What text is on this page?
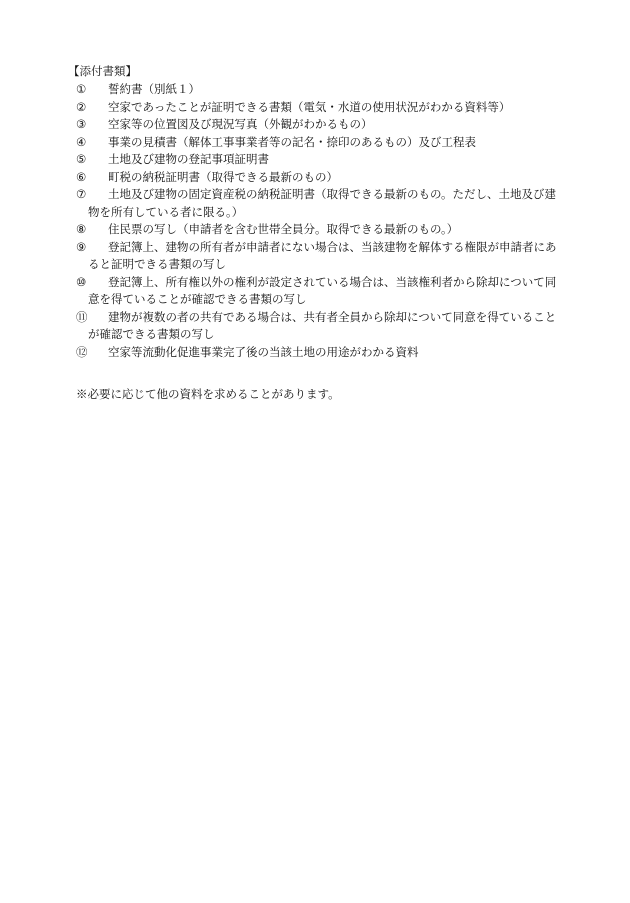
【添付書類】
①	誓約書（別紙１）
②	空家であったことが証明できる書類（電気・水道の使用状況がわかる資料等）
③	空家等の位置図及び現況写真（外観がわかるもの）
④	事業の見積書（解体工事事業者等の記名・捺印のあるもの）及び工程表
⑤	土地及び建物の登記事項証明書
⑥	町税の納税証明書（取得できる最新のもの）
⑦	土地及び建物の固定資産税の納税証明書（取得できる最新のもの。ただし、土地及び建
物を所有している者に限る。）
⑧	住民票の写し（申請者を含む世帯全員分。取得できる最新のもの。）
⑨	登記簿上、建物の所有者が申請者にない場合は、当該建物を解体する権限が申請者にあ
ると証明できる書類の写し
⑩	登記簿上、所有権以外の権利が設定されている場合は、当該権利者から除却について同
意を得ていることが確認できる書類の写し
⑪	建物が複数の者の共有である場合は、共有者全員から除却について同意を得ていること
が確認できる書類の写し
⑫	空家等流動化促進事業完了後の当該土地の用途がわかる資料
※必要に応じて他の資料を求めることがあります。
